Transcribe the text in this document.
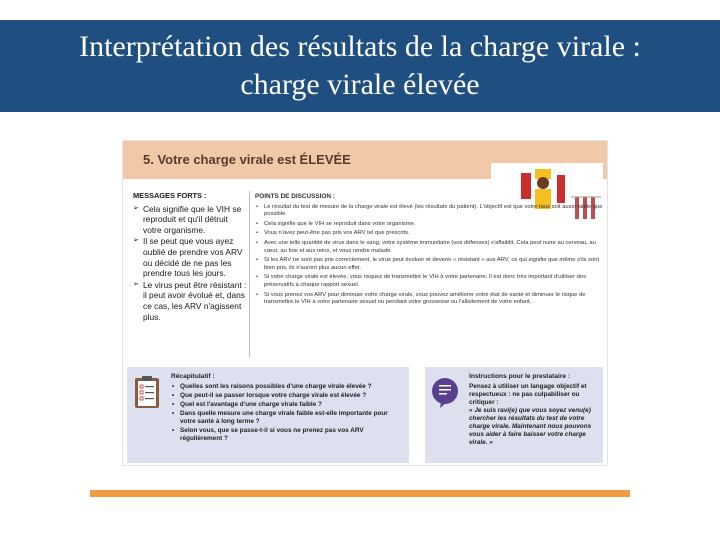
Interprétation des résultats de la charge virale :
charge virale élevée
5. Votre charge virale est ÉLEVÉE
MESSAGES FORTS :
➢ Cela signifie que le VIH se reproduit et qu'il détruit votre organisme.
➢ Il se peut que vous ayez oublié de prendre vos ARV ou décidé de ne pas les prendre tous les jours.
➢ Le virus peut être résistant : il peut avoir évolué et, dans ce cas, les ARV n'agissent plus.
POINTS DE DISCUSSION :
• Le résultat du test de mesure de la charge virale est élevé (les résultats du patient). L'objectif est que votre taux soit aussi faible que possible.
• Cela signifie que le VIH se reproduit dans votre organisme.
• Vous n'avez peut-être pas pris vos ARV tel que prescrits.
• Avec une telle quantité de virus dans le sang, votre système immunitaire (vos défenses) s'affaiblit. Cela peut nuire au cerveau, au cœur, au foie et aux reins, et vous rendre malade.
• Si les ARV ne sont pas pris correctement, le virus peut évoluer et devenir « résistant » aux ARV, ce qui signifie que même s'ils sont bien pris, ils n'auront plus aucun effet.
• Si votre charge virale est élevée, vous risquez de transmettre le VIH à votre partenaire. Il est donc très important d'utiliser des préservatifs à chaque rapport sexuel.
• Si vous prenez vos ARV pour diminuer votre charge virale, vous pouvez améliorer votre état de santé et diminuer le risque de transmettre le VIH à votre partenaire sexuel ou pendant votre grossesse ou l'allaitement de votre enfant.
Récapitulatif :
• Quelles sont les raisons possibles d'une charge virale élevée ?
• Que peut-il se passer lorsque votre charge virale est élevée ?
• Quel est l'avantage d'une charge virale faible ?
• Dans quelle mesure une charge virale faible est-elle importante pour votre santé à long terme ?
• Selon vous, que se passe-t-il si vous ne prenez pas vos ARV régulièrement ?
Instructions pour le prestataire :
Pensez à utiliser un langage objectif et respectueux : ne pas culpabiliser ou critiquer :
« Je suis ravi(e) que vous soyez venu(e) chercher les résultats du test de votre charge virale. Maintenant nous pouvons vous aider à faire baisser votre charge virale. »
